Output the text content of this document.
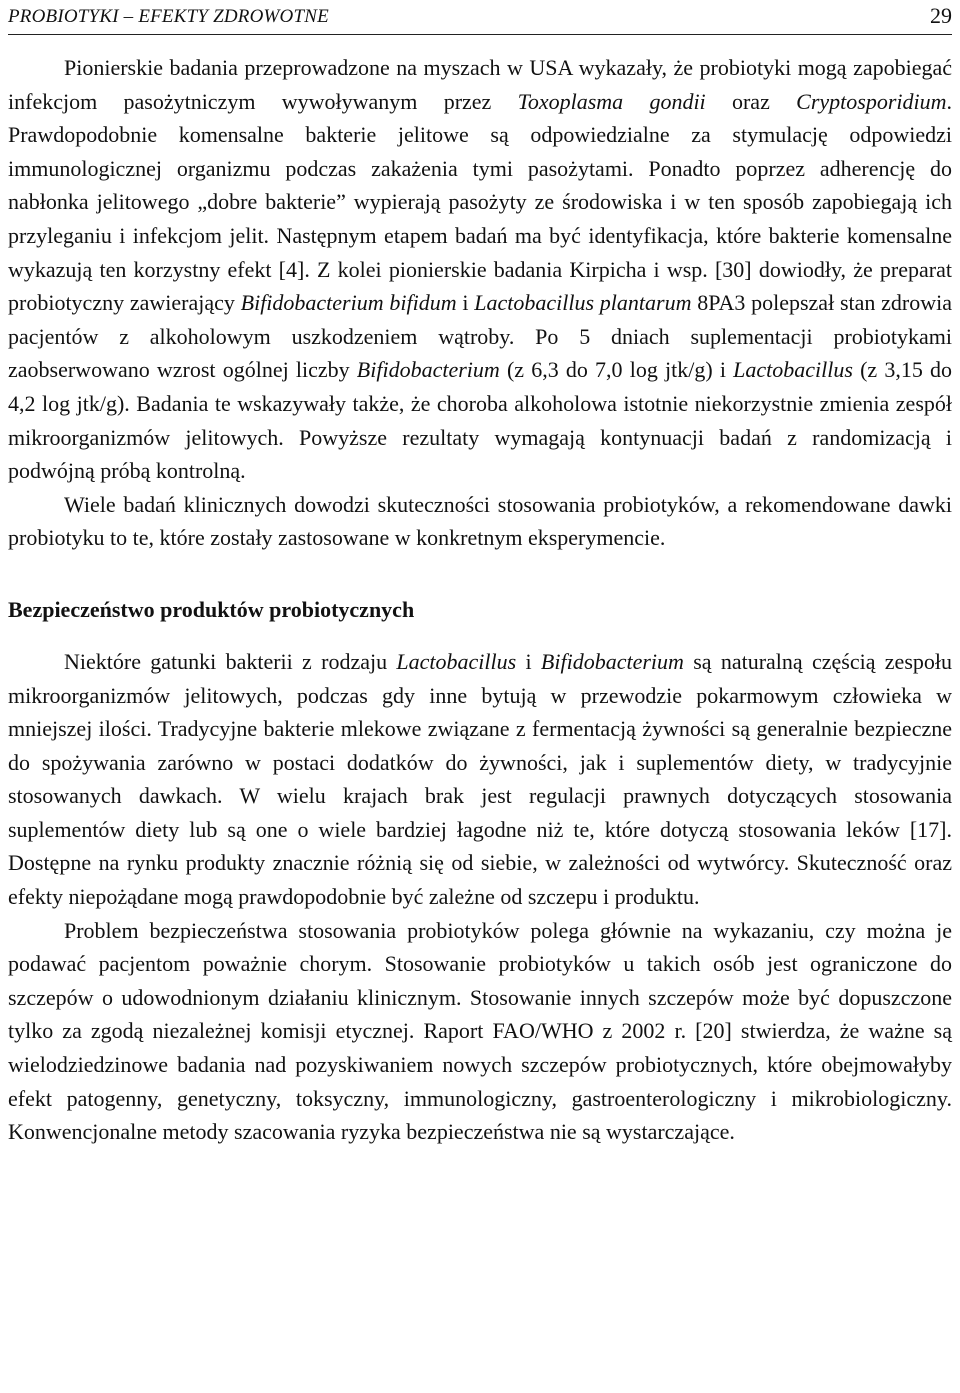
PROBIOTYKI – EFEKTY ZDROWOTNE	29

Pionierskie badania przeprowadzone na myszach w USA wykazały, że probiotyki mogą zapobiegać infekcjom pasożytniczym wywoływanym przez Toxoplasma gondii oraz Cryptosporidium. Prawdopodobnie komensalne bakterie jelitowe są odpowiedzialne za stymulację odpowiedzi immunologicznej organizmu podczas zakażenia tymi pasożytami. Ponadto poprzez adherencję do nabłonka jelitowego „dobre bakterie” wypierają pasożyty ze środowiska i w ten sposób zapobiegają ich przyleganiu i infekcjom jelit. Następnym etapem badań ma być identyfikacja, które bakterie komensalne wykazują ten korzystny efekt [4]. Z kolei pionierskie badania Kirpicha i wsp. [30] dowiodły, że preparat probiotyczny zawierający Bifidobacterium bifidum i Lactobacillus plantarum 8PA3 polepszał stan zdrowia pacjentów z alkoholowym uszkodzeniem wątroby. Po 5 dniach suplementacji probiotykami zaobserwowano wzrost ogólnej liczby Bifidobacterium (z 6,3 do 7,0 log jtk/g) i Lactobacillus (z 3,15 do 4,2 log jtk/g). Badania te wskazywały także, że choroba alkoholowa istotnie niekorzystnie zmienia zespół mikroorganizmów jelitowych. Powyższe rezultaty wymagają kontynuacji badań z randomizacją i podwójną próbą kontrolną.

Wiele badań klinicznych dowodzi skuteczności stosowania probiotyków, a rekomendowane dawki probiotyku to te, które zostały zastosowane w konkretnym eksperymencie.

Bezpieczeństwo produktów probiotycznych

Niektóre gatunki bakterii z rodzaju Lactobacillus i Bifidobacterium są naturalną częścią zespołu mikroorganizmów jelitowych, podczas gdy inne bytują w przewodzie pokarmowym człowieka w mniejszej ilości. Tradycyjne bakterie mlekowe związane z fermentacją żywności są generalnie bezpieczne do spożywania zarówno w postaci dodatków do żywności, jak i suplementów diety, w tradycyjnie stosowanych dawkach. W wielu krajach brak jest regulacji prawnych dotyczących stosowania suplementów diety lub są one o wiele bardziej łagodne niż te, które dotyczą stosowania leków [17]. Dostępne na rynku produkty znacznie różnią się od siebie, w zależności od wytwórcy. Skuteczność oraz efekty niepożądane mogą prawdopodobnie być zależne od szczepu i produktu.

Problem bezpieczeństwa stosowania probiotyków polega głównie na wykazaniu, czy można je podawać pacjentom poważnie chorym. Stosowanie probiotyków u takich osób jest ograniczone do szczepów o udowodnionym działaniu klinicznym. Stosowanie innych szczepów może być dopuszczone tylko za zgodą niezależnej komisji etycznej. Raport FAO/WHO z 2002 r. [20] stwierdza, że ważne są wielodziedzinowe badania nad pozyskiwaniem nowych szczepów probiotycznych, które obejmowałyby efekt patogenny, genetyczny, toksyczny, immunologiczny, gastroenterologiczny i mikrobiologiczny. Konwencjonalne metody szacowania ryzyka bezpieczeństwa nie są wystarczające.
